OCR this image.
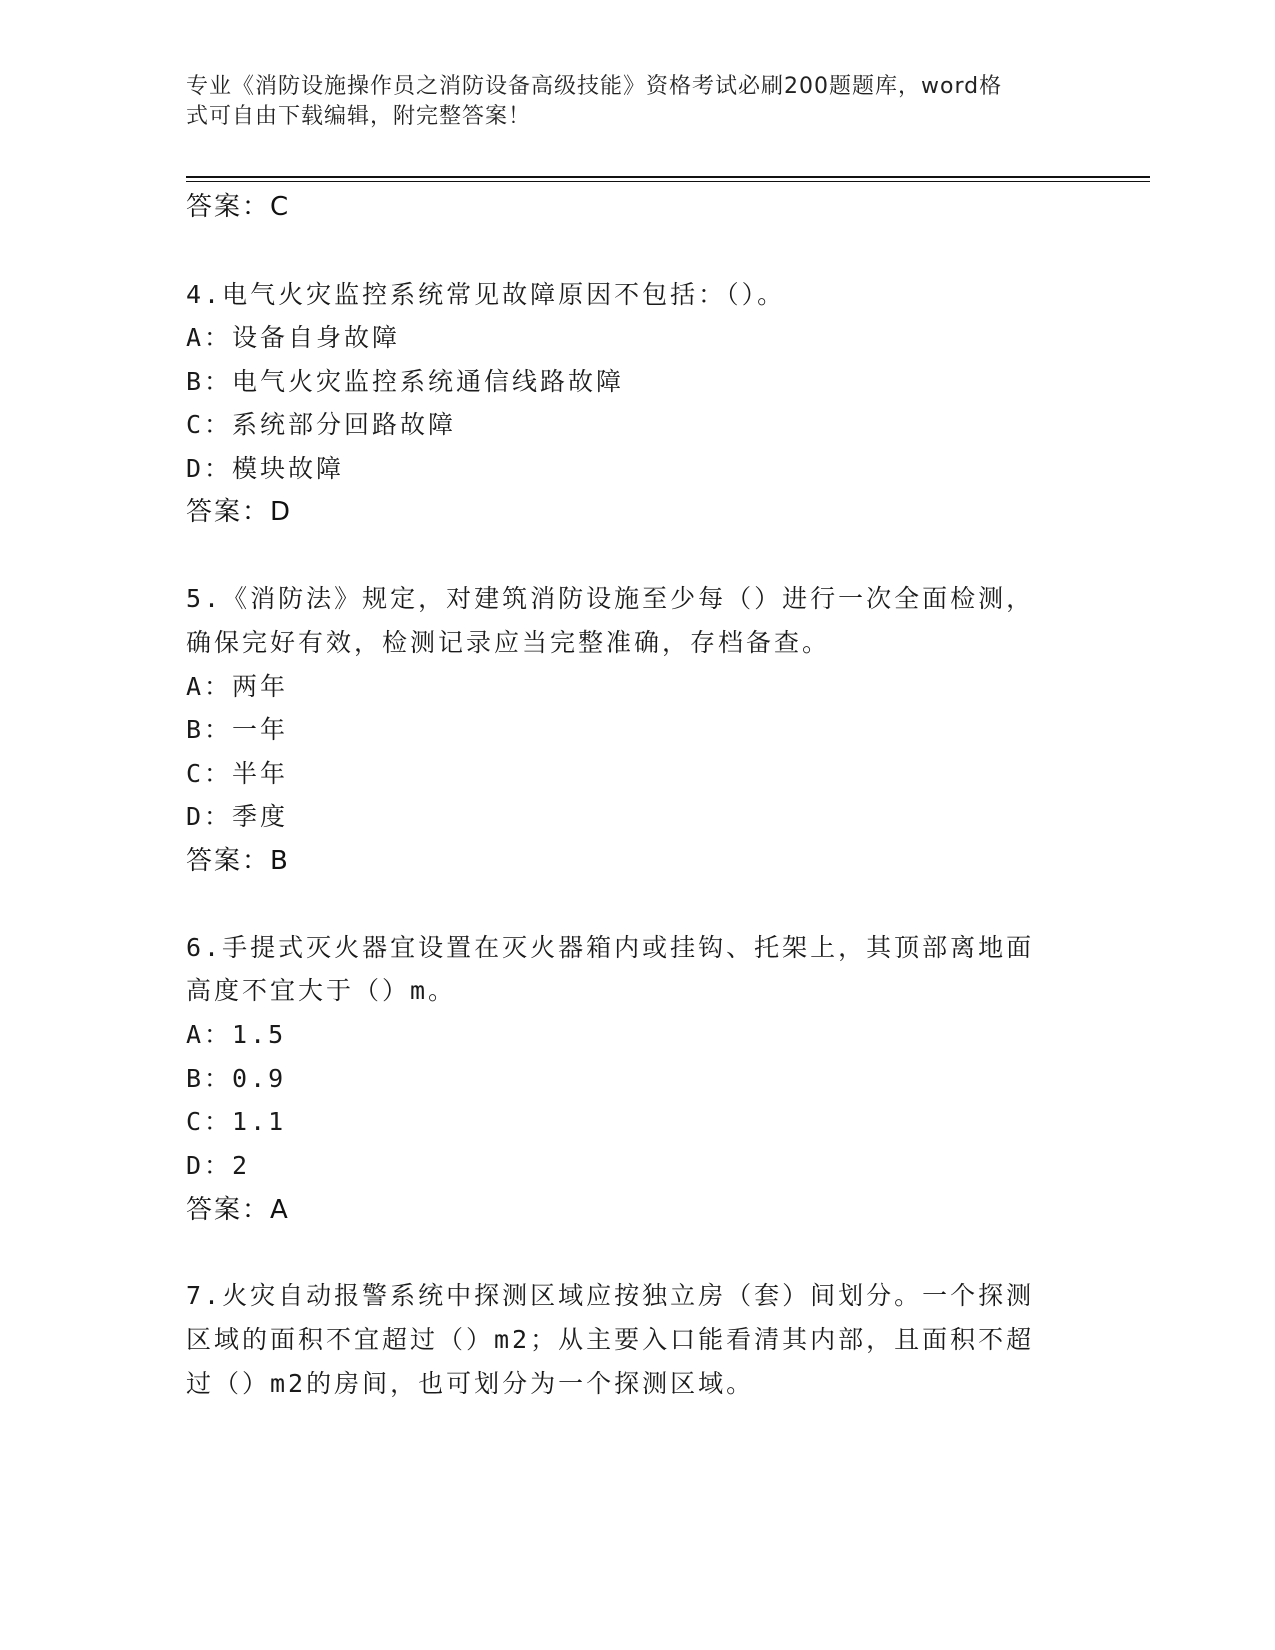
专业《消防设施操作员之消防设备高级技能》资格考试必刷200题题库，word格
式可自由下载编辑，附完整答案！
答案：C
4.电气火灾监控系统常见故障原因不包括：（）。
A：设备自身故障
B：电气火灾监控系统通信线路故障
C：系统部分回路故障
D：模块故障
答案：D
5.《消防法》规定，对建筑消防设施至少每（）进行一次全面检测，
确保完好有效，检测记录应当完整准确，存档备查。
A：两年
B：一年
C：半年
D：季度
答案：B
6.手提式灭火器宜设置在灭火器箱内或挂钩、托架上，其顶部离地面
高度不宜大于（）m。
A：1.5
B：0.9
C：1.1
D：2
答案：A
7.火灾自动报警系统中探测区域应按独立房（套）间划分。一个探测
区域的面积不宜超过（）m2；从主要入口能看清其内部，且面积不超
过（）m2的房间，也可划分为一个探测区域。
